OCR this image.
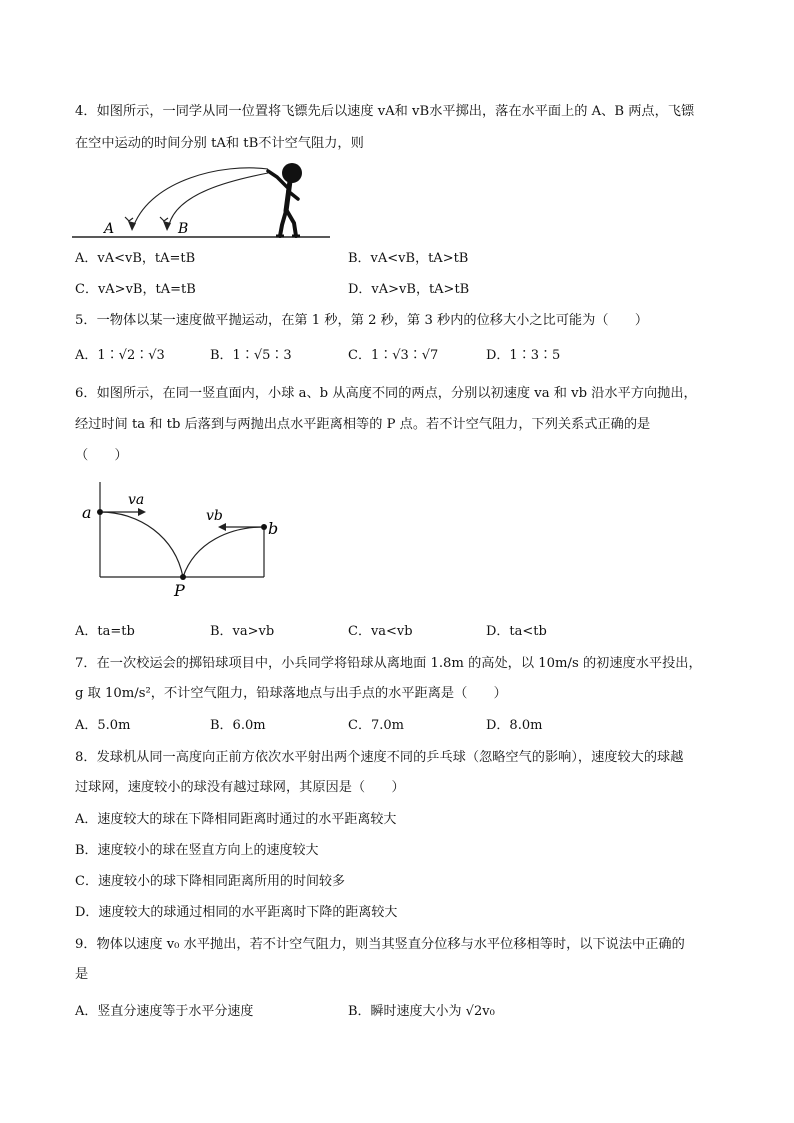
4．如图所示，一同学从同一位置将飞镖先后以速度 vA和 vB水平掷出，落在水平面上的 A、B 两点，飞镖
在空中运动的时间分别 tA和 tB不计空气阻力，则
A	B
A．vA<vB，tA=tB	B．vA<vB，tA>tB
C．vA>vB，tA=tB	D．vA>vB，tA>tB
5．一物体以某一速度做平抛运动，在第 1 秒，第 2 秒，第 3 秒内的位移大小之比可能为（　　）
A．1∶√2∶√3	B．1∶√5∶3	C．1∶√3∶√7	D．1∶3∶5
6．如图所示，在同一竖直面内，小球 a、b 从高度不同的两点，分别以初速度 va 和 vb 沿水平方向抛出，
经过时间 ta 和 tb 后落到与两抛出点水平距离相等的 P 点。若不计空气阻力，下列关系式正确的是
（　　）
a
b
va
vb
P
A．ta=tb	B．va>vb	C．va<vb	D．ta<tb
7．在一次校运会的掷铅球项目中，小兵同学将铅球从离地面 1.8m 的高处，以 10m/s 的初速度水平投出，
g 取 10m/s²，不计空气阻力，铅球落地点与出手点的水平距离是（　　）
A．5.0m	B．6.0m	C．7.0m	D．8.0m
8．发球机从同一高度向正前方依次水平射出两个速度不同的乒乓球（忽略空气的影响），速度较大的球越
过球网，速度较小的球没有越过球网，其原因是（　　）
A．速度较大的球在下降相同距离时通过的水平距离较大
B．速度较小的球在竖直方向上的速度较大
C．速度较小的球下降相同距离所用的时间较多
D．速度较大的球通过相同的水平距离时下降的距离较大
9．物体以速度 v₀ 水平抛出，若不计空气阻力，则当其竖直分位移与水平位移相等时，以下说法中正确的
是
A．竖直分速度等于水平分速度	B．瞬时速度大小为 √2v₀
